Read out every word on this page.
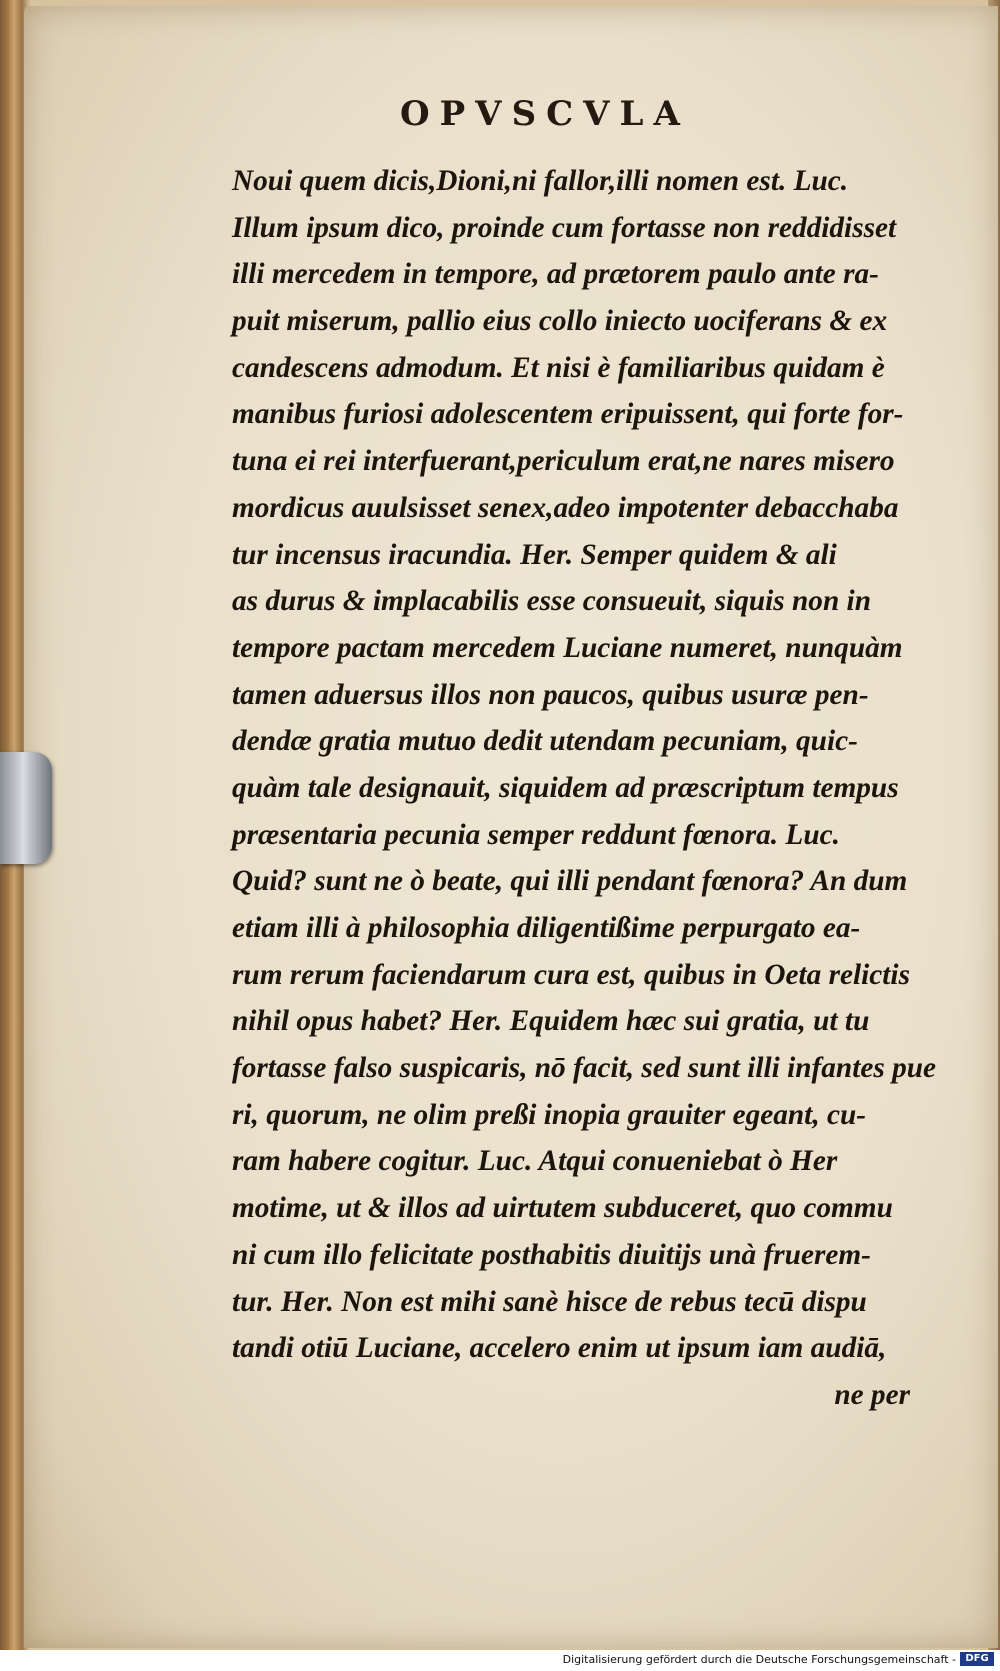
OPVSCVLA
Noui quem dicis,Dioni,ni fallor,illi nomen est. Luc.
Illum ipsum dico, proinde cum fortasse non reddidisset
illi mercedem in tempore, ad prætorem paulo ante ra-
puit miserum, pallio eius collo iniecto uociferans & ex
candescens admodum. Et nisi è familiaribus quidam è
manibus furiosi adolescentem eripuissent, qui forte for-
tuna ei rei interfuerant,periculum erat,ne nares misero
mordicus auulsisset senex,adeo impotenter debacchaba
tur incensus iracundia. Her. Semper quidem & ali
as durus & implacabilis esse consueuit, siquis non in
tempore pactam mercedem Luciane numeret, nunquàm
tamen aduersus illos non paucos, quibus usuræ pen-
dendæ gratia mutuo dedit utendam pecuniam, quic-
quàm tale designauit, siquidem ad præscriptum tempus
præsentaria pecunia semper reddunt fœnora. Luc.
Quid? sunt ne ò beate, qui illi pendant fœnora? An dum
etiam illi à philosophia diligentißime perpurgato ea-
rum rerum faciendarum cura est, quibus in Oeta relictis
nihil opus habet? Her. Equidem hæc sui gratia, ut tu
fortasse falso suspicaris, nō facit, sed sunt illi infantes pue
ri, quorum, ne olim preßi inopia grauiter egeant, cu-
ram habere cogitur. Luc. Atqui conueniebat ò Her
motime, ut & illos ad uirtutem subduceret, quo commu
ni cum illo felicitate posthabitis diuitijs unà fruerem-
tur. Her. Non est mihi sanè hisce de rebus tecū dispu
tandi otiū Luciane, accelero enim ut ipsum iam audiā,
ne per
Digitalisierung gefördert durch die Deutsche Forschungsgemeinschaft - DFG
